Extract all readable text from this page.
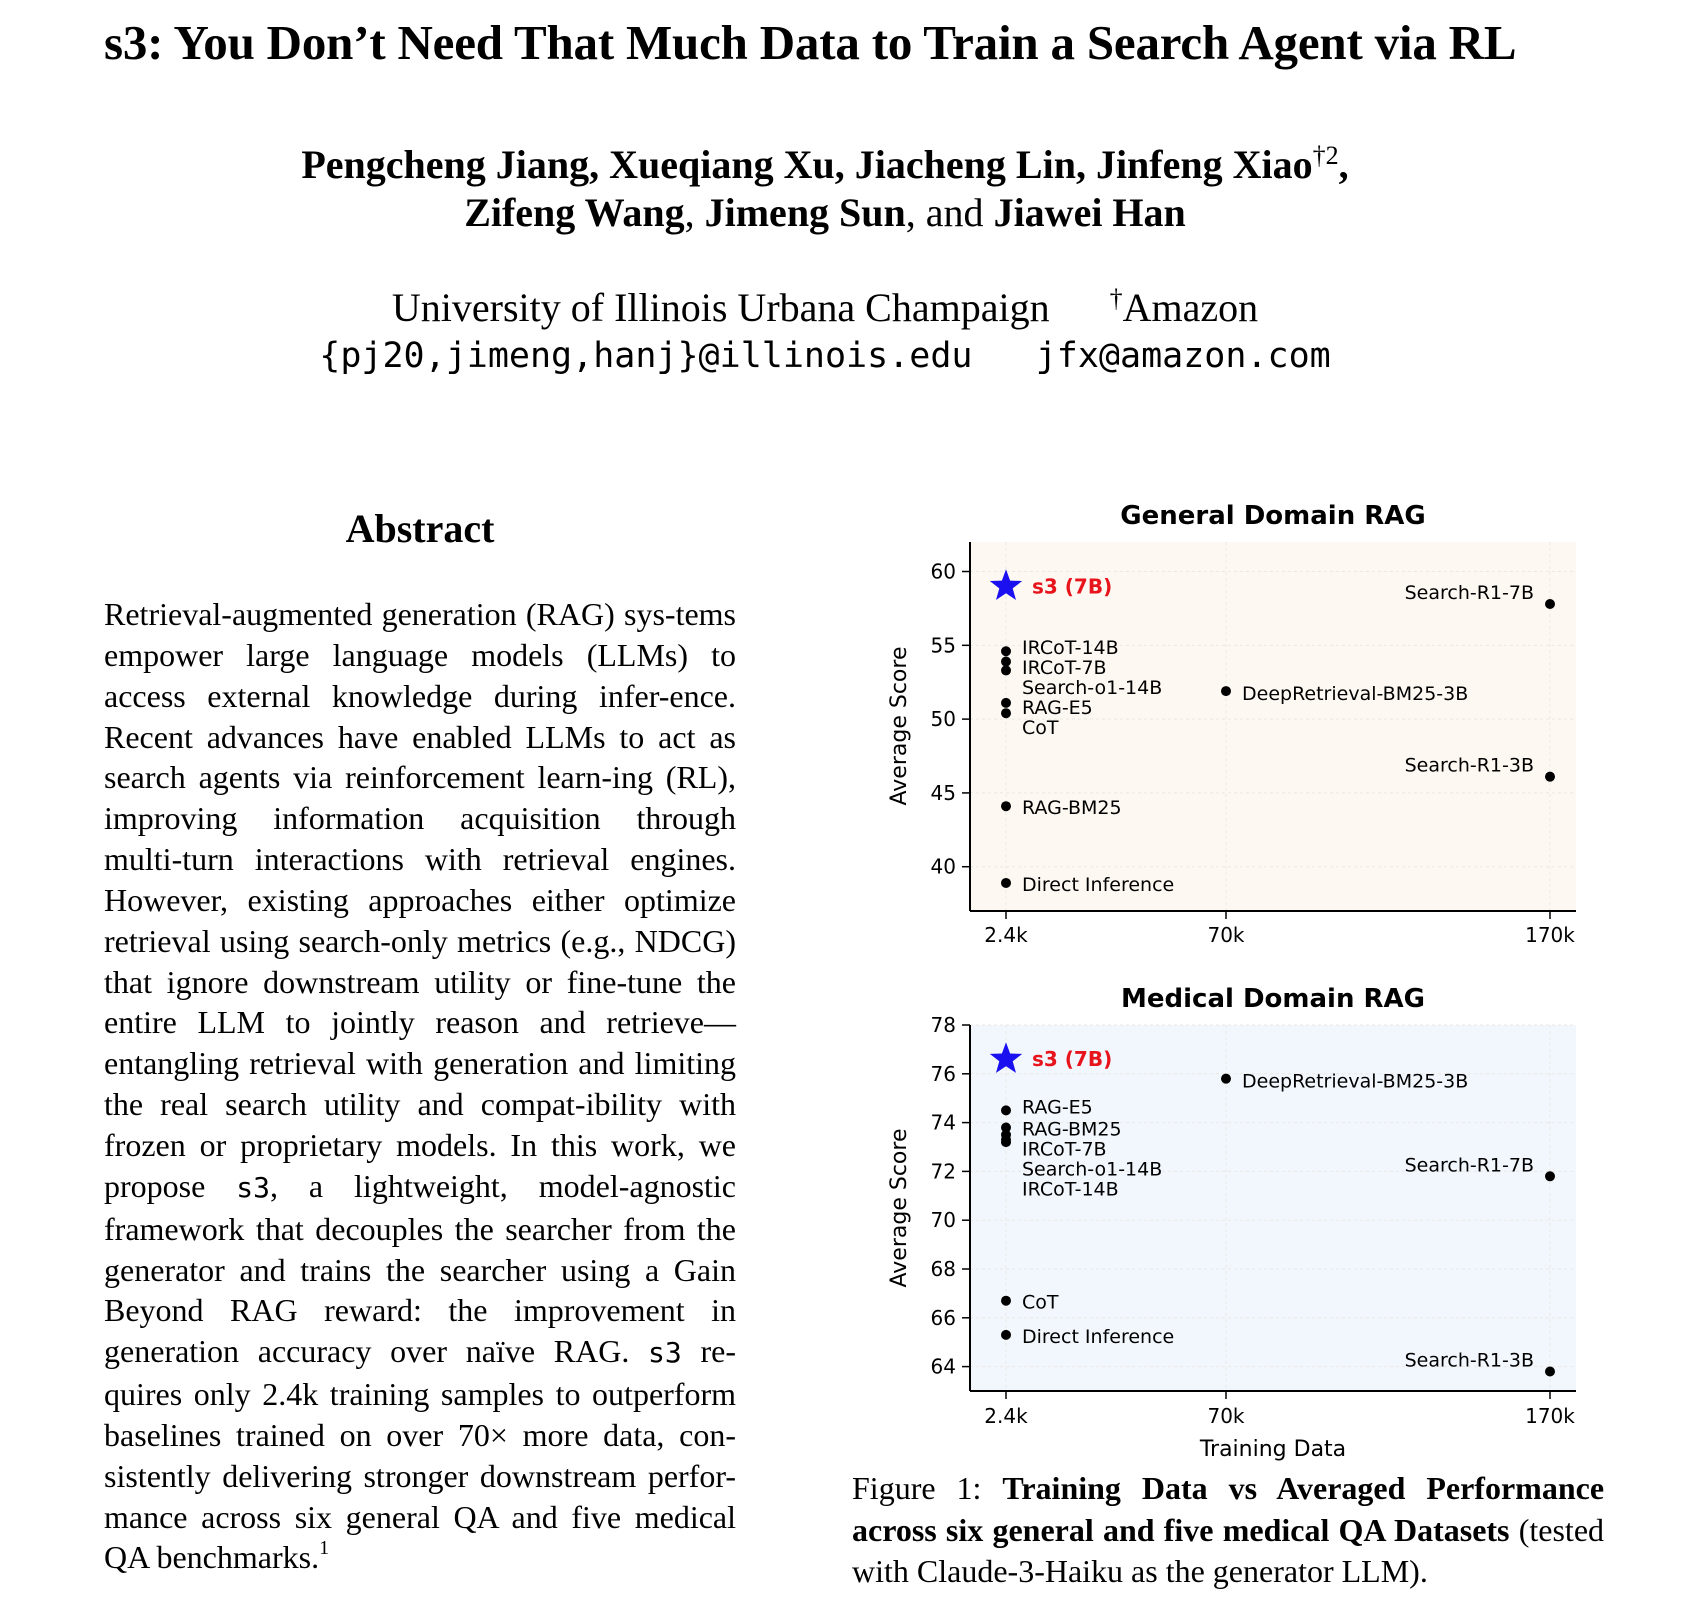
s3: You Don’t Need That Much Data to Train a Search Agent via RL
Pengcheng Jiang, Xueqiang Xu, Jiacheng Lin, Jinfeng Xiao$^{\dagger 2}$,
Zifeng Wang, Jimeng Sun, and Jiawei Han
University of Illinois Urbana Champaign †Amazon
{pj20,jimeng,hanj}@illinois.edu jfx@amazon.com
Abstract
Retrieval-augmented generation (RAG) sys-tems empower large language models (LLMs) to access external knowledge during infer-ence. Recent advances have enabled LLMs to act as search agents via reinforcement learn-ing (RL), improving information acquisition through multi-turn interactions with retrieval engines. However, existing approaches either optimize retrieval using search-only metrics (e.g., NDCG) that ignore downstream utility or fine-tune the entire LLM to jointly reason and retrieve—entangling retrieval with generation and limiting the real search utility and compat-ibility with frozen or proprietary models. In this work, we propose s3, a lightweight, model-agnostic framework that decouples the searcher from the generator and trains the searcher using a Gain Beyond RAG reward: the improvement in generation accuracy over naïve RAG. s3 re-quires only 2.4k training samples to outperform baselines trained on over 70× more data, con-sistently delivering stronger downstream perfor-mance across six general QA and five medical QA benchmarks.$^1$
General Domain RAG
40
45
50
55
60
2.4k	70k	170k
Average Score
s3 (7B)
IRCoT-14B
IRCoT-7B
Search-o1-14B
RAG-E5
CoT
RAG-BM25
Direct Inference
DeepRetrieval-BM25-3B
Search-R1-7B
Search-R1-3B
Medical Domain RAG
64
66
68
70
72
74
76
78
2.4k	70k	170k
Average Score
Training Data
s3 (7B)
RAG-E5
RAG-BM25
IRCoT-7B
Search-o1-14B
IRCoT-14B
CoT
Direct Inference
DeepRetrieval-BM25-3B
Search-R1-7B
Search-R1-3B
Figure 1: Training Data vs Averaged Performance across six general and five medical QA Datasets (tested with Claude-3-Haiku as the generator LLM).
